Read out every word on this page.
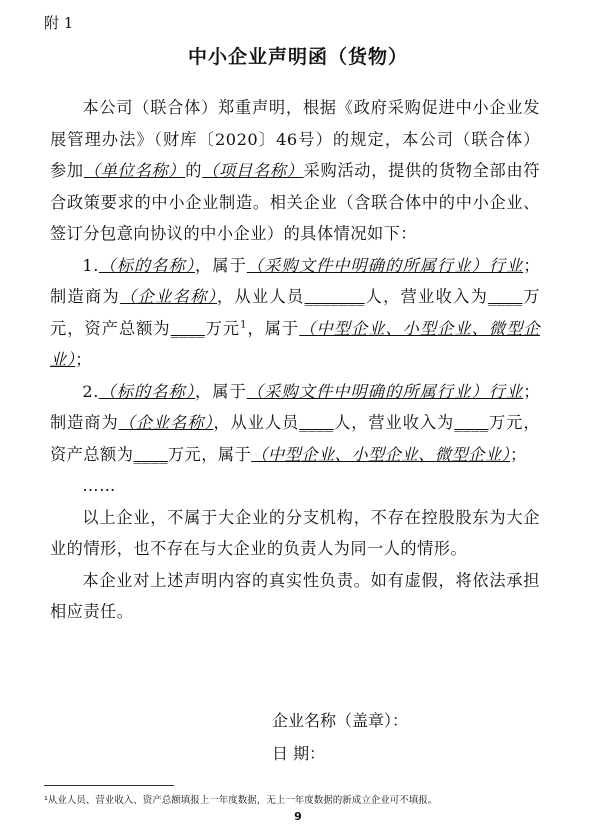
附 1
中小企业声明函（货物）

本公司（联合体）郑重声明，根据《政府采购促进中小企业发展管理办法》（财库〔2020〕46号）的规定，本公司（联合体）参加（单位名称）的（项目名称）采购活动，提供的货物全部由符合政策要求的中小企业制造。相关企业（含联合体中的中小企业、签订分包意向协议的中小企业）的具体情况如下：

1.（标的名称），属于（采购文件中明确的所属行业）行业；制造商为（企业名称），从业人员_______人，营业收入为____万元，资产总额为____万元$^1$，属于（中型企业、小型企业、微型企业）；

2.（标的名称），属于（采购文件中明确的所属行业）行业；制造商为（企业名称），从业人员____人，营业收入为____万元，资产总额为____万元，属于（中型企业、小型企业、微型企业）；

……

以上企业，不属于大企业的分支机构，不存在控股股东为大企业的情形，也不存在与大企业的负责人为同一人的情形。

本企业对上述声明内容的真实性负责。如有虚假，将依法承担相应责任。

企业名称（盖章）：
日 期：
¹从业人员、营业收入、资产总额填报上一年度数据，无上一年度数据的新成立企业可不填报。
9
